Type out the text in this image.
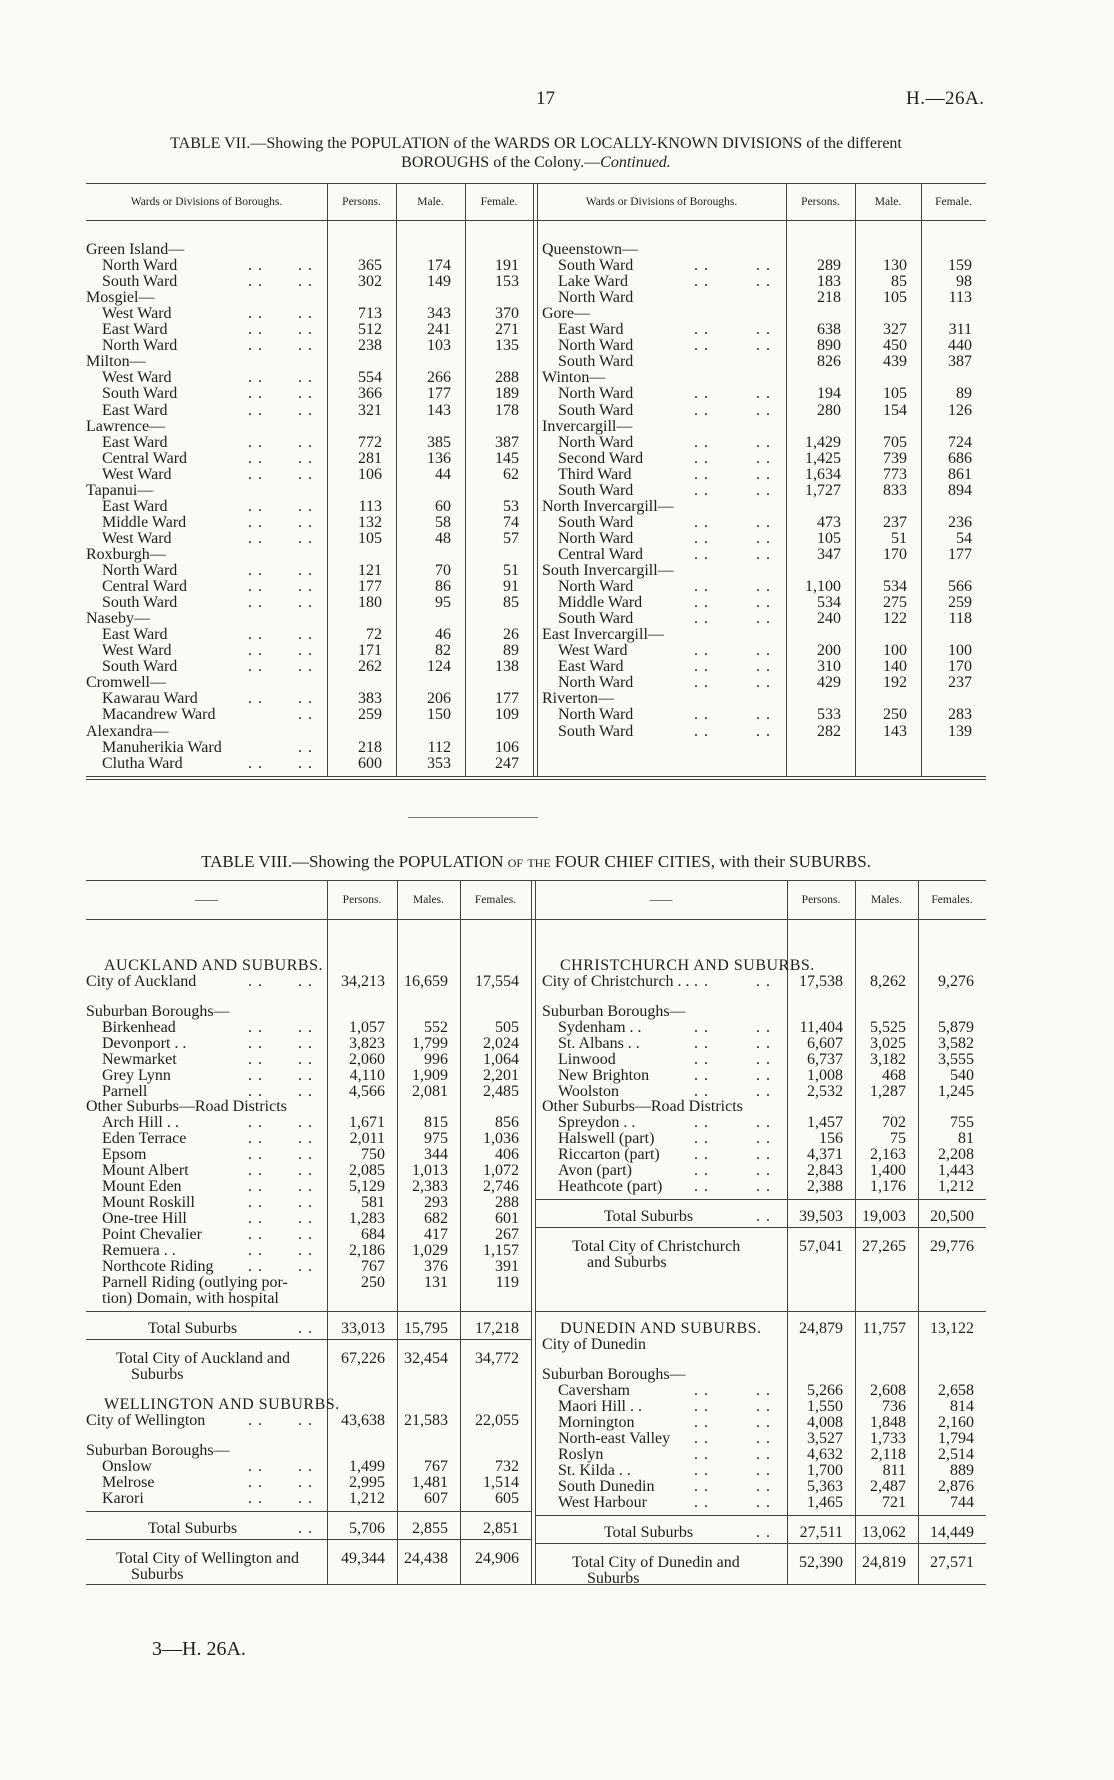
17	H.—26A.
TABLE VII.—Showing the POPULATION of the WARDS OR LOCALLY-KNOWN DIVISIONS of the different
BOROUGHS of the Colony.—Continued.
Wards or Divisions of Boroughs.	Persons.	Male.	Female.	Wards or Divisions of Boroughs.	Persons.	Male.	Female.
Green Island—
North Ward	. . . .	365	174	191
South Ward	. . . .	302	149	153
Mosgiel—
West Ward	. . . .	713	343	370
East Ward	. . . .	512	241	271
North Ward	. . . .	238	103	135
Milton—
West Ward	. . . .	554	266	288
South Ward	. . . .	366	177	189
East Ward	. . . .	321	143	178
Lawrence—
East Ward	. . . .	772	385	387
Central Ward	. . . .	281	136	145
West Ward	. . . .	106	44	62
Tapanui—
East Ward	. . . .	113	60	53
Middle Ward	. . . .	132	58	74
West Ward	. . . .	105	48	57
Roxburgh—
North Ward	. . . .	121	70	51
Central Ward	. . . .	177	86	91
South Ward	. . . .	180	95	85
Naseby—
East Ward	. . . .	72	46	26
West Ward	. . . .	171	82	89
South Ward	. . . .	262	124	138
Cromwell—
Kawarau Ward	. . . .	383	206	177
Macandrew Ward	. .	259	150	109
Alexandra—
Manuherikia Ward	. .	218	112	106
Clutha Ward	. . . .	600	353	247
Queenstown—
South Ward	. .	. .	289	130	159
Lake Ward	. .	. .	183	85	98
North Ward	218	105	113
Gore—
East Ward	. .	. .	638	327	311
North Ward	. .	. .	890	450	440
South Ward	826	439	387
Winton—
North Ward	. .	. .	194	105	89
South Ward	. .	. .	280	154	126
Invercargill—
North Ward	. .	. .	1,429	705	724
Second Ward	. .	. .	1,425	739	686
Third Ward	. .	. .	1,634	773	861
South Ward	. .	. .	1,727	833	894
North Invercargill—
South Ward	. .	. .	473	237	236
North Ward	. .	. .	105	51	54
Central Ward	. .	. .	347	170	177
South Invercargill—
North Ward	. .	. .	1,100	534	566
Middle Ward	. .	. .	534	275	259
South Ward	. .	. .	240	122	118
East Invercargill—
West Ward	. .	. .	200	100	100
East Ward	. .	. .	310	140	170
North Ward	. .	. .	429	192	237
Riverton—
North Ward	. .	. .	533	250	283
South Ward	. .	. .	282	143	139
TABLE VIII.—Showing the POPULATION of the FOUR CHIEF CITIES, with their SUBURBS.
——	Persons.	Males.	Females.	——	Persons.	Males.	Females.
AUCKLAND AND SUBURBS.
City of Auckland	. . . .	34,213	16,659	17,554
Suburban Boroughs—
Birkenhead	. . . .	1,057	552	505
Devonport . .	. . . .	3,823	1,799	2,024
Newmarket	. . . .	2,060	996	1,064
Grey Lynn	. . . .	4,110	1,909	2,201
Parnell	. . . .	4,566	2,081	2,485
Other Suburbs—Road Districts
Arch Hill . .	. . . .	1,671	815	856
Eden Terrace	. . . .	2,011	975	1,036
Epsom	. . . .	750	344	406
Mount Albert	. . . .	2,085	1,013	1,072
Mount Eden	. . . .	5,129	2,383	2,746
Mount Roskill	. . . .	581	293	288
One-tree Hill	. . . .	1,283	682	601
Point Chevalier	. . . .	684	417	267
Remuera . .	. . . .	2,186	1,029	1,157
Northcote Riding . . . .	767	376	391
Parnell Riding (outlying por-	250	131	119
tion) Domain, with hospital
Total Suburbs	. .	33,013	15,795	17,218
Total City of Auckland and	67,226	32,454	34,772
Suburbs
WELLINGTON AND SUBURBS.
City of Wellington	. . . .	43,638	21,583	22,055
Suburban Boroughs—
Onslow	. . . .	1,499	767	732
Melrose	. . . .	2,995	1,481	1,514
Karori	. . . .	1,212	607	605
Total Suburbs	. .	5,706	2,855	2,851
Total City of Wellington and	49,344	24,438	24,906
Suburbs
CHRISTCHURCH AND SUBURBS.
City of Christchurch . . . .	. .	17,538	8,262	9,276
Suburban Boroughs—
Sydenham . .	. .	. .	11,404	5,525	5,879
St. Albans . .	. .	. .	6,607	3,025	3,582
Linwood	. .	. .	6,737	3,182	3,555
New Brighton	. .	. .	1,008	468	540
Woolston	. .	. .	2,532	1,287	1,245
Other Suburbs—Road Districts
Spreydon . .	. .	. .	1,457	702	755
Halswell (part) . .	. .	156	75	81
Riccarton (part) . .	. .	4,371	2,163	2,208
Avon (part)	. .	. .	2,843	1,400	1,443
Heathcote (part) . .	. .	2,388	1,176	1,212
Total Suburbs	. .	39,503	19,003	20,500
Total City of Christchurch	57,041	27,265	29,776
and Suburbs
DUNEDIN AND SUBURBS.	24,879	11,757	13,122
City of Dunedin
Suburban Boroughs—
Caversham	. .	. .	5,266	2,608	2,658
Maori Hill . .	. .	. .	1,550	736	814
Mornington	. .	. .	4,008	1,848	2,160
North-east Valley . .	. .	3,527	1,733	1,794
Roslyn	. .	. .	4,632	2,118	2,514
St. Kilda . .	. .	. .	1,700	811	889
South Dunedin . .	. .	5,363	2,487	2,876
West Harbour	. .	. .	1,465	721	744
Total Suburbs	. .	27,511	13,062	14,449
Total City of Dunedin and	52,390	24,819	27,571
Suburbs
3—H. 26A.
